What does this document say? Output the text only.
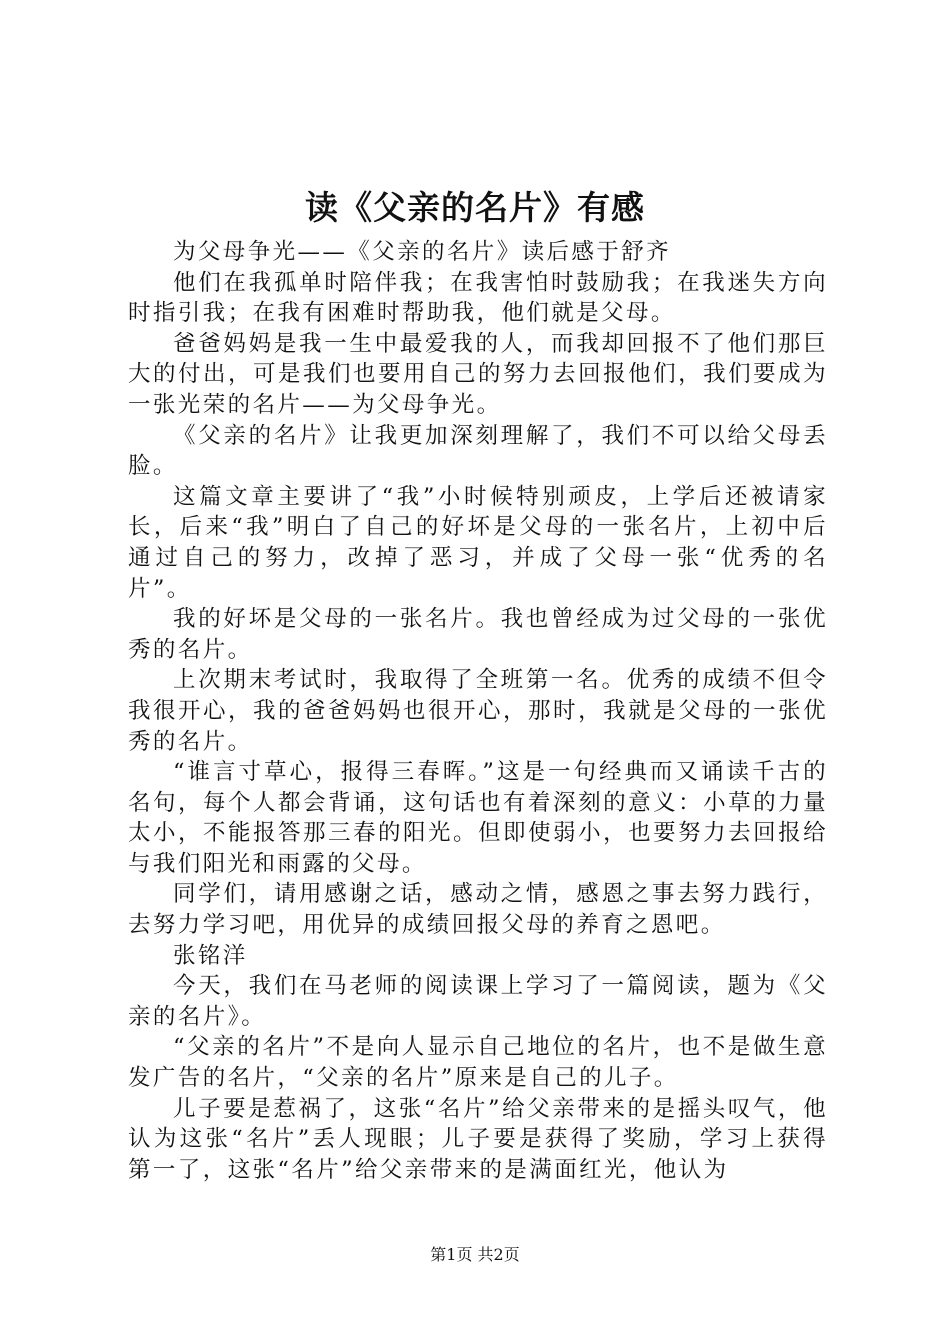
读《父亲的名片》有感

为父母争光——《父亲的名片》读后感于舒齐

他们在我孤单时陪伴我；在我害怕时鼓励我；在我迷失方向时指引我；在我有困难时帮助我，他们就是父母。

爸爸妈妈是我一生中最爱我的人，而我却回报不了他们那巨大的付出，可是我们也要用自己的努力去回报他们，我们要成为一张光荣的名片——为父母争光。

《父亲的名片》让我更加深刻理解了，我们不可以给父母丢脸。

这篇文章主要讲了“我”小时候特别顽皮，上学后还被请家长，后来“我”明白了自己的好坏是父母的一张名片，上初中后通过自己的努力，改掉了恶习，并成了父母一张“优秀的名片”。

我的好坏是父母的一张名片。我也曾经成为过父母的一张优秀的名片。

上次期末考试时，我取得了全班第一名。优秀的成绩不但令我很开心，我的爸爸妈妈也很开心，那时，我就是父母的一张优秀的名片。

“谁言寸草心，报得三春晖。”这是一句经典而又诵读千古的名句，每个人都会背诵，这句话也有着深刻的意义：小草的力量太小，不能报答那三春的阳光。但即使弱小，也要努力去回报给与我们阳光和雨露的父母。

同学们，请用感谢之话，感动之情，感恩之事去努力践行，去努力学习吧，用优异的成绩回报父母的养育之恩吧。

张铭洋

今天，我们在马老师的阅读课上学习了一篇阅读，题为《父亲的名片》。

“父亲的名片”不是向人显示自己地位的名片，也不是做生意发广告的名片，“父亲的名片”原来是自己的儿子。

儿子要是惹祸了，这张“名片”给父亲带来的是摇头叹气，他认为这张“名片”丢人现眼；儿子要是获得了奖励，学习上获得第一了，这张“名片”给父亲带来的是满面红光，他认为

第1页 共2页
